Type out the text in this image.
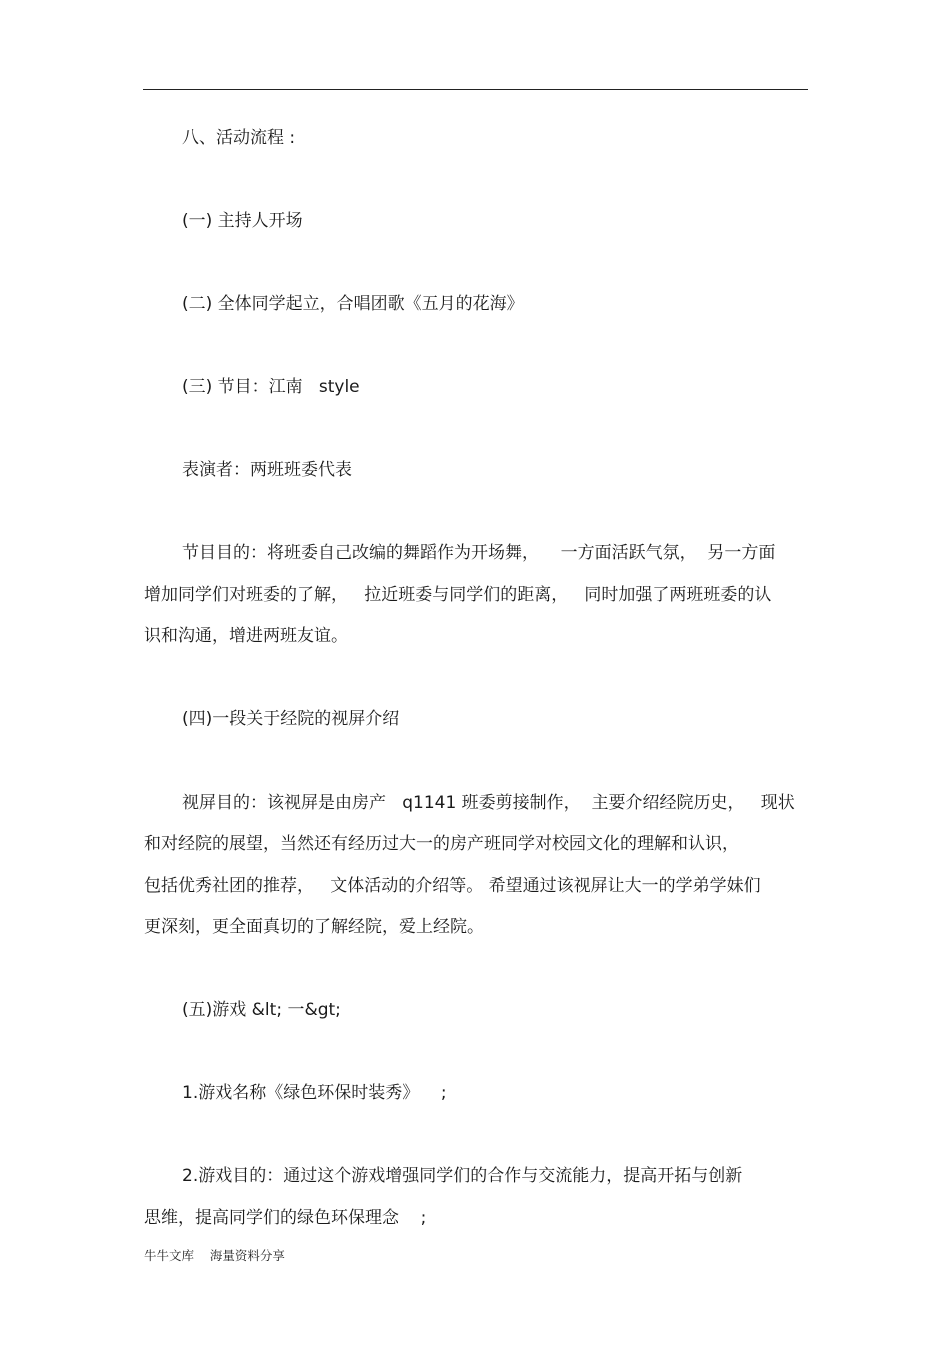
八、活动流程 :

(一) 主持人开场

(二) 全体同学起立，合唱团歌《五月的花海》

(三) 节目：江南   style

表演者：两班班委代表

节目目的：将班委自己改编的舞蹈作为开场舞，    一方面活跃气氛，  另一方面

增加同学们对班委的了解，   拉近班委与同学们的距离，   同时加强了两班班委的认

识和沟通，增进两班友谊。

(四)一段关于经院的视屏介绍

视屏目的：该视屏是由房产   q1141 班委剪接制作，  主要介绍经院历史，   现状

和对经院的展望，当然还有经历过大一的房产班同学对校园文化的理解和认识，

包括优秀社团的推荐，   文体活动的介绍等。 希望通过该视屏让大一的学弟学妹们

更深刻，更全面真切的了解经院，爱上经院。

(五)游戏 &lt; 一&gt;

1.游戏名称《绿色环保时装秀》    ;

2.游戏目的：通过这个游戏增强同学们的合作与交流能力，提高开拓与创新

思维，提高同学们的绿色环保理念    ;

牛牛文库    海量资料分享
